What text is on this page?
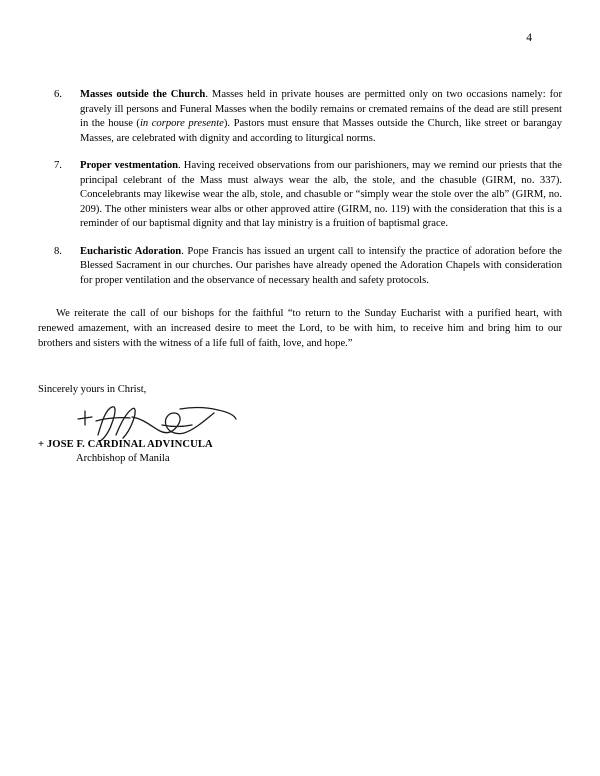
4
6.	Masses outside the Church. Masses held in private houses are permitted only on two occasions namely: for gravely ill persons and Funeral Masses when the bodily remains or cremated remains of the dead are still present in the house (in corpore presente). Pastors must ensure that Masses outside the Church, like street or barangay Masses, are celebrated with dignity and according to liturgical norms.
7.	Proper vestmentation. Having received observations from our parishioners, may we remind our priests that the principal celebrant of the Mass must always wear the alb, the stole, and the chasuble (GIRM, no. 337). Concelebrants may likewise wear the alb, stole, and chasuble or “simply wear the stole over the alb” (GIRM, no. 209). The other ministers wear albs or other approved attire (GIRM, no. 119) with the consideration that this is a reminder of our baptismal dignity and that lay ministry is a fruition of baptismal grace.
8.	Eucharistic Adoration. Pope Francis has issued an urgent call to intensify the practice of adoration before the Blessed Sacrament in our churches. Our parishes have already opened the Adoration Chapels with consideration for proper ventilation and the observance of necessary health and safety protocols.

We reiterate the call of our bishops for the faithful “to return to the Sunday Eucharist with a purified heart, with renewed amazement, with an increased desire to meet the Lord, to be with him, to receive him and bring him to our brothers and sisters with the witness of a life full of faith, love, and hope.”

Sincerely yours in Christ,
+ JOSE F. CARDINAL ADVINCULA
Archbishop of Manila
